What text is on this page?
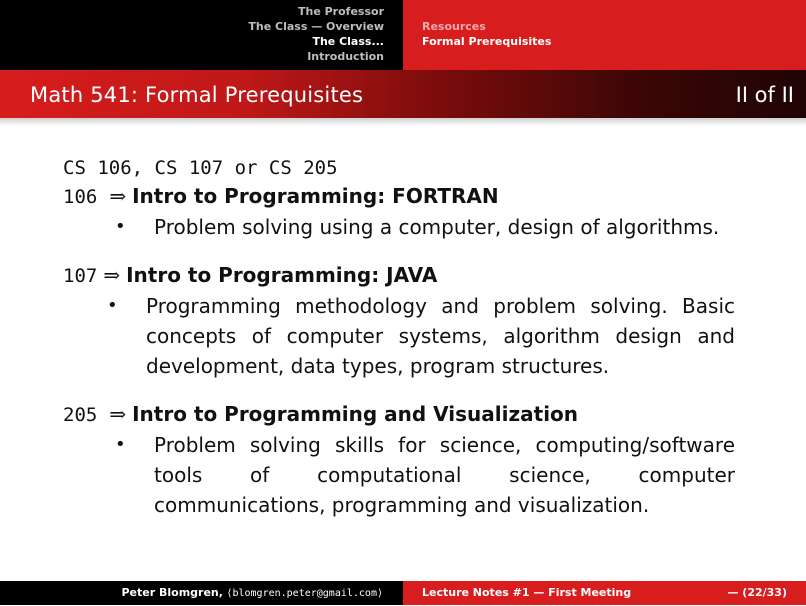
The Professor
The Class — Overview
The Class...
Introduction
Resources
Formal Prerequisites
Math 541: Formal Prerequisites	II of II
CS 106, CS 107 or CS 205
106 ⇒ Intro to Programming: FORTRAN
• Problem solving using a computer, design of algorithms.
107 ⇒ Intro to Programming: JAVA
• Programming methodology and problem solving. Basic concepts of computer systems, algorithm design and development, data types, program structures.
205 ⇒ Intro to Programming and Visualization
• Problem solving skills for science, computing/software tools of computational science, computer communications, programming and visualization.
Peter Blomgren, ⟨blomgren.peter@gmail.com⟩	Lecture Notes #1 — First Meeting	— (22/33)
